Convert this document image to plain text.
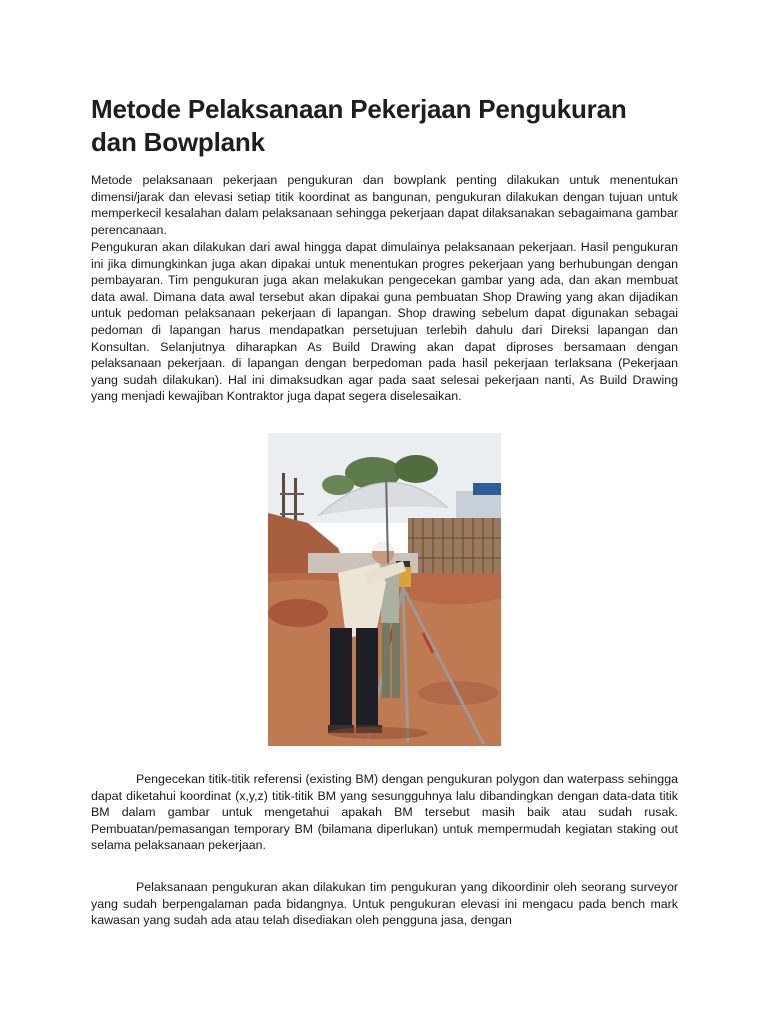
Metode Pelaksanaan Pekerjaan Pengukuran dan Bowplank

Metode pelaksanaan pekerjaan pengukuran dan bowplank penting dilakukan untuk menentukan dimensi/jarak dan elevasi setiap titik koordinat as bangunan, pengukuran dilakukan dengan tujuan untuk memperkecil kesalahan dalam pelaksanaan sehingga pekerjaan dapat dilaksanakan sebagaimana gambar perencanaan.

Pengukuran akan dilakukan dari awal hingga dapat dimulainya pelaksanaan pekerjaan. Hasil pengukuran ini jika dimungkinkan juga akan dipakai untuk menentukan progres pekerjaan yang berhubungan dengan pembayaran. Tim pengukuran juga akan melakukan pengecekan gambar yang ada, dan akan membuat data awal. Dimana data awal tersebut akan dipakai guna pembuatan Shop Drawing yang akan dijadikan untuk pedoman pelaksanaan pekerjaan di lapangan. Shop drawing sebelum dapat digunakan sebagai pedoman di lapangan harus mendapatkan persetujuan terlebih dahulu dari Direksi lapangan dan Konsultan. Selanjutnya diharapkan As Build Drawing akan dapat diproses bersamaan dengan pelaksanaan pekerjaan. di lapangan dengan berpedoman pada hasil pekerjaan terlaksana (Pekerjaan yang sudah dilakukan). Hal ini dimaksudkan agar pada saat selesai pekerjaan nanti, As Build Drawing yang menjadi kewajiban Kontraktor juga dapat segera diselesaikan.

Pengecekan titik-titik referensi (existing BM) dengan pengukuran polygon dan waterpass sehingga dapat diketahui koordinat (x,y,z) titik-titik BM yang sesungguhnya lalu dibandingkan dengan data-data titik BM dalam gambar untuk mengetahui apakah BM tersebut masih baik atau sudah rusak. Pembuatan/pemasangan temporary BM (bilamana diperlukan) untuk mempermudah kegiatan staking out selama pelaksanaan pekerjaan.

Pelaksanaan pengukuran akan dilakukan tim pengukuran yang dikoordinir oleh seorang surveyor yang sudah berpengalaman pada bidangnya. Untuk pengukuran elevasi ini mengacu pada bench mark kawasan yang sudah ada atau telah disediakan oleh pengguna jasa, dengan
